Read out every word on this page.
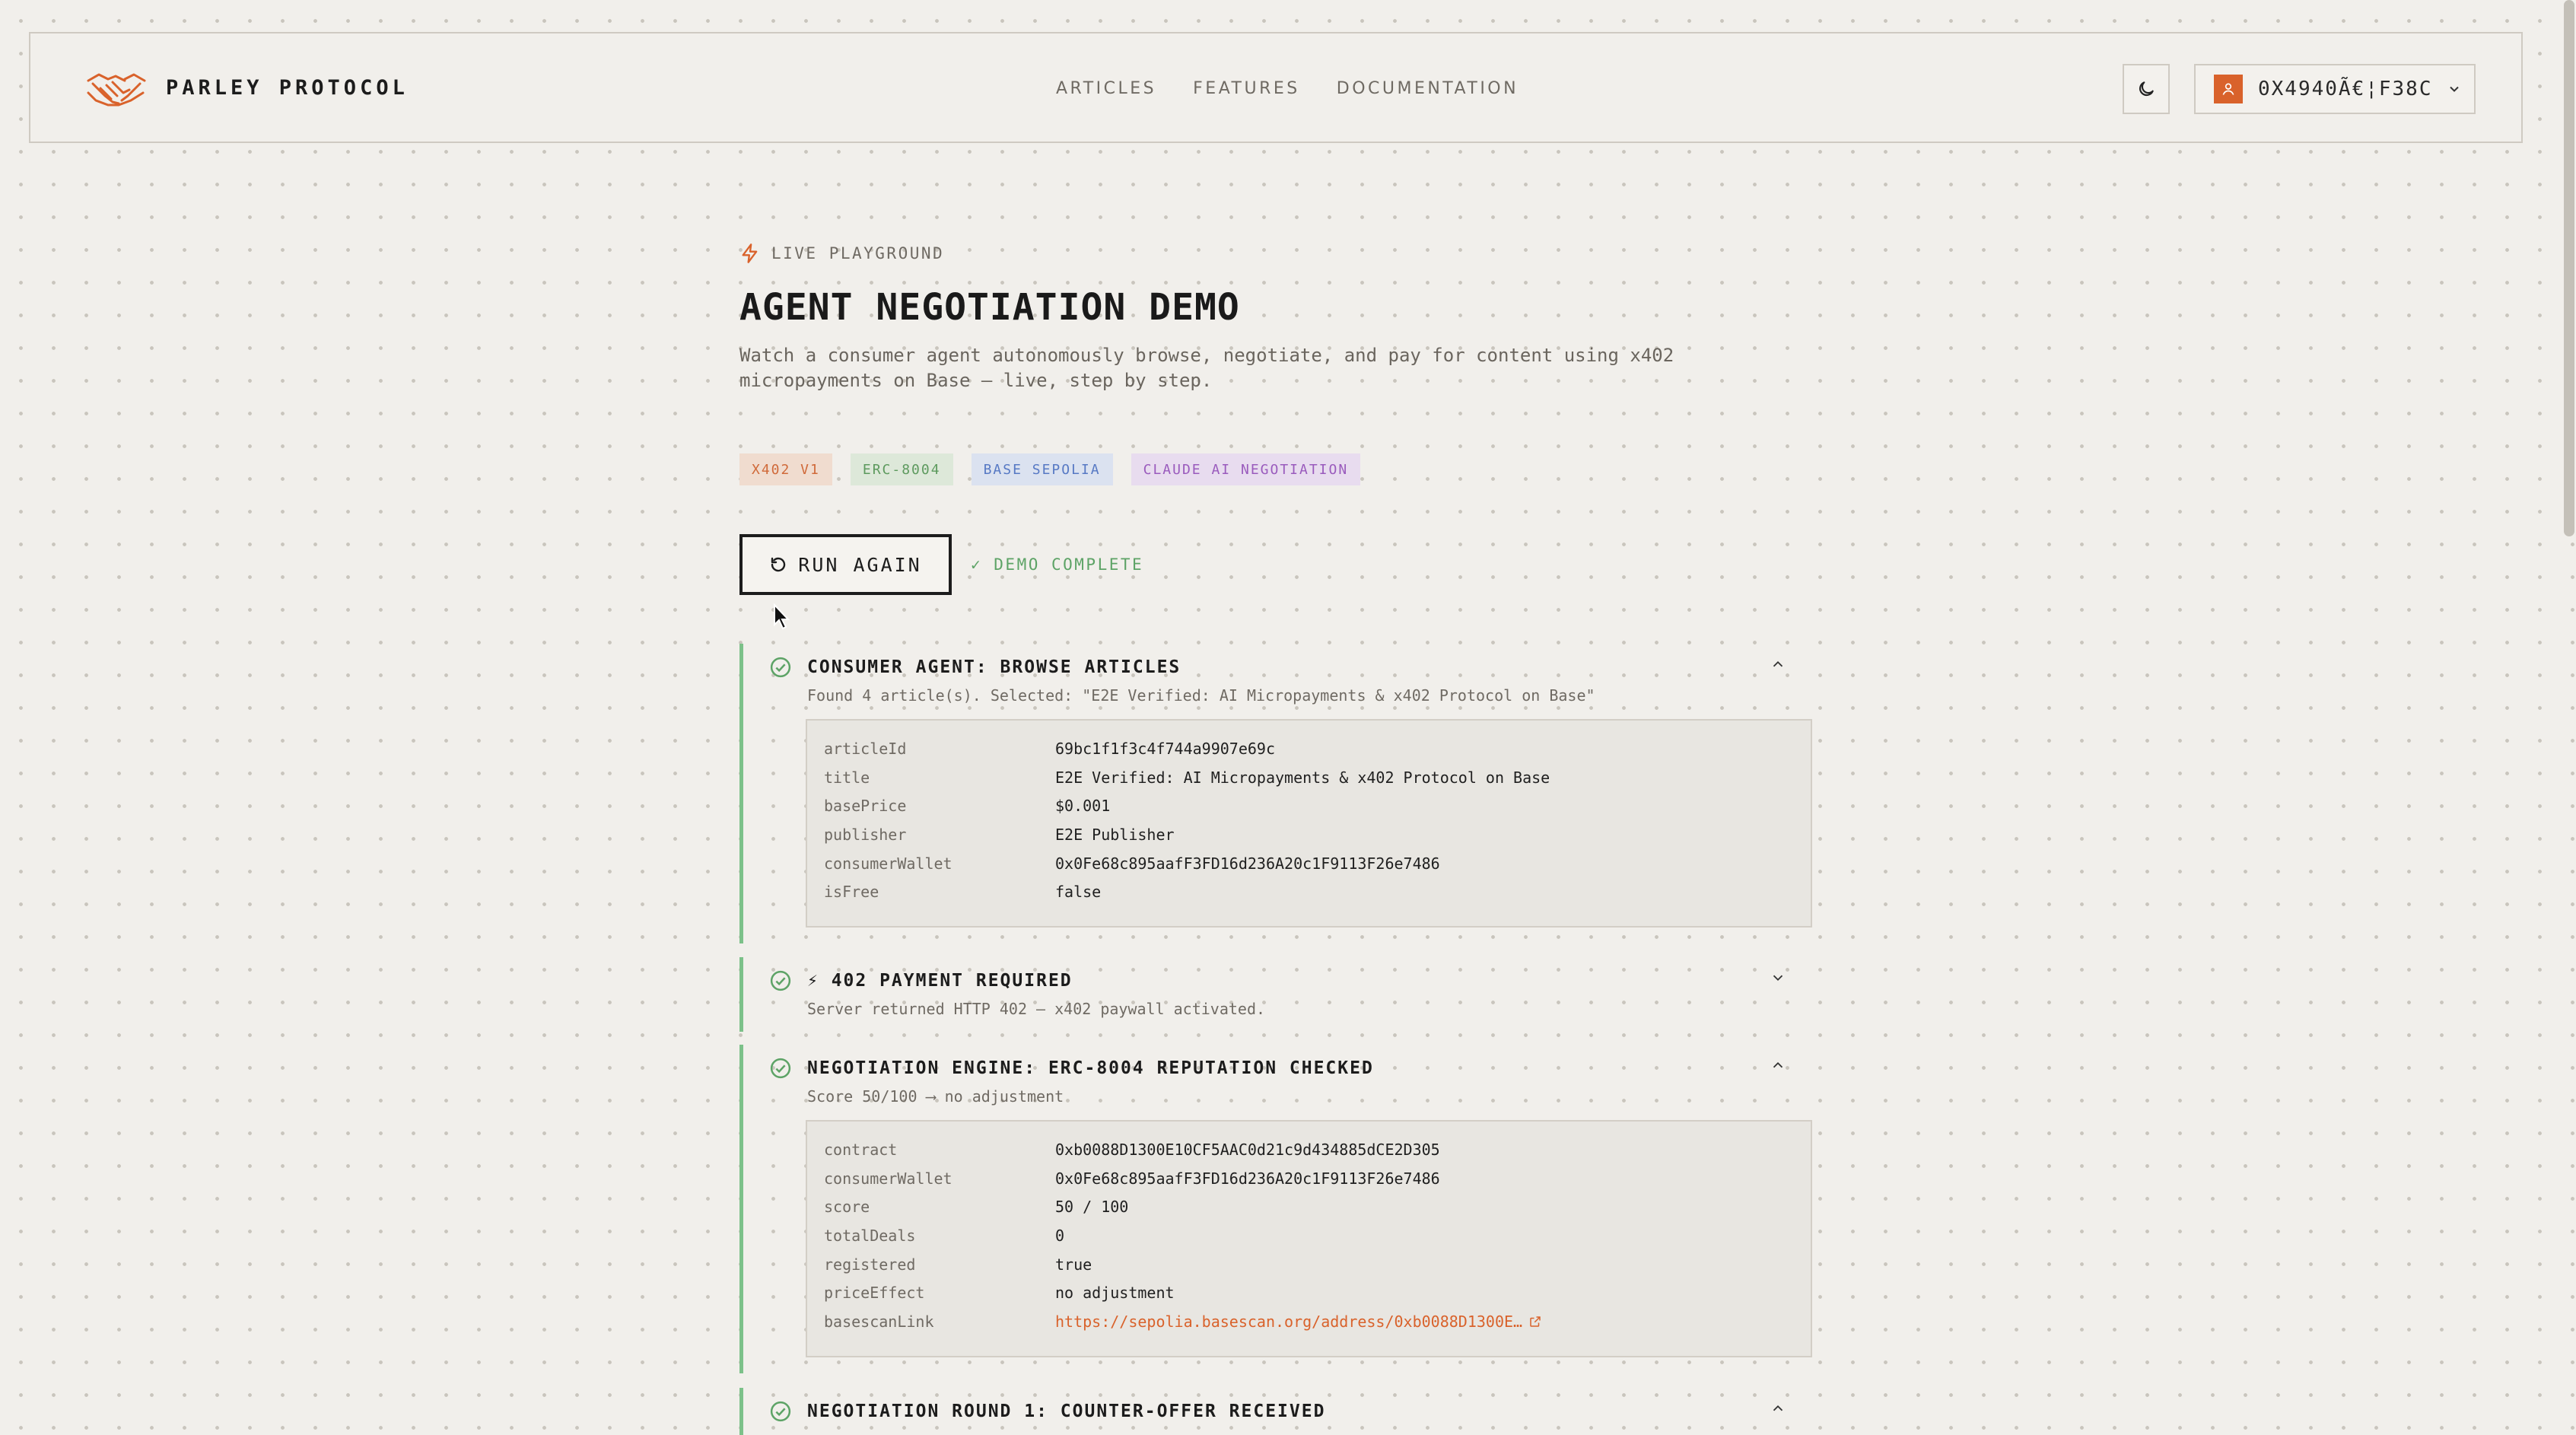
PARLEY PROTOCOL	ARTICLES FEATURES DOCUMENTATION	0X4940Ã€¦F38C
LIVE PLAYGROUND
AGENT NEGOTIATION DEMO
Watch a consumer agent autonomously browse, negotiate, and pay for content using x402 micropayments on Base — live, step by step.
X402 V1	ERC-8004	BASE SEPOLIA	CLAUDE AI NEGOTIATION
RUN AGAIN	✓ DEMO COMPLETE
CONSUMER AGENT: BROWSE ARTICLES
Found 4 article(s). Selected: "E2E Verified: AI Micropayments & x402 Protocol on Base"
articleId	69bc1f1f3c4f744a9907e69c
title	E2E Verified: AI Micropayments & x402 Protocol on Base
basePrice	$0.001
publisher	E2E Publisher
consumerWallet	0x0Fe68c895aafF3FD16d236A20c1F9113F26e7486
isFree	false
⚡ 402 PAYMENT REQUIRED
Server returned HTTP 402 — x402 paywall activated.
NEGOTIATION ENGINE: ERC-8004 REPUTATION CHECKED
Score 50/100 ⟶ no adjustment
contract	0xb0088D1300E10CF5AAC0d21c9d434885dCE2D305
consumerWallet	0x0Fe68c895aafF3FD16d236A20c1F9113F26e7486
score	50 / 100
totalDeals	0
registered	true
priceEffect	no adjustment
basescanLink	https://sepolia.basescan.org/address/0xb0088D1300E…
NEGOTIATION ROUND 1: COUNTER-OFFER RECEIVED
